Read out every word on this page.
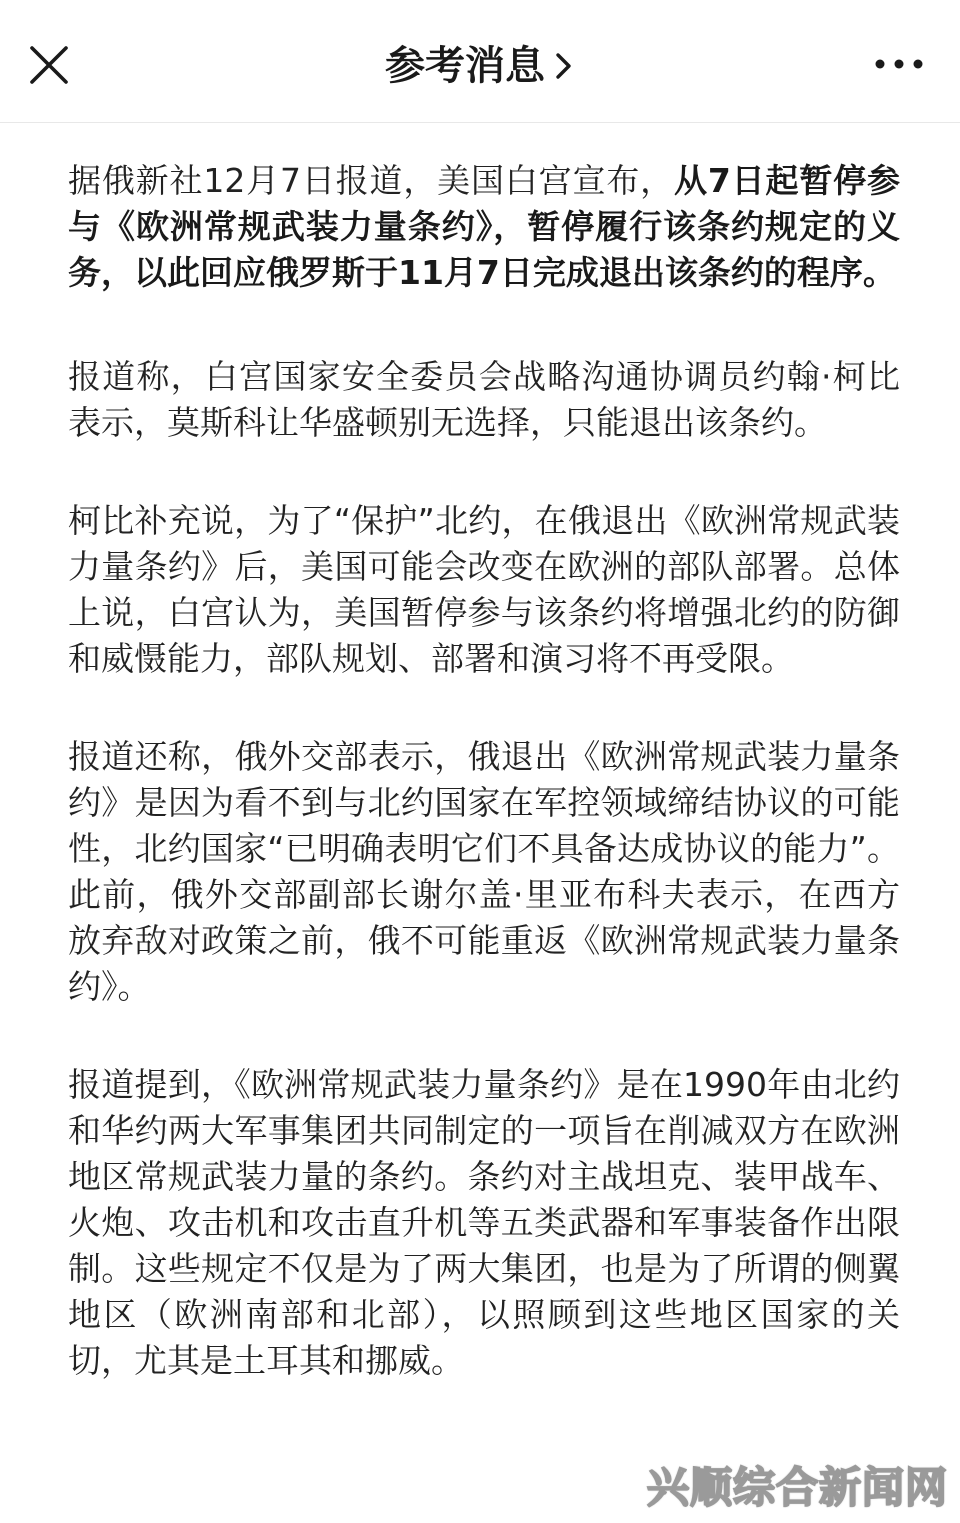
参考消息

据俄新社12月7日报道，美国白宫宣布，从7日起暂停参与《欧洲常规武装力量条约》，暂停履行该条约规定的义务，以此回应俄罗斯于11月7日完成退出该条约的程序。

报道称，白宫国家安全委员会战略沟通协调员约翰·柯比表示，莫斯科让华盛顿别无选择，只能退出该条约。

柯比补充说，为了“保护”北约，在俄退出《欧洲常规武装力量条约》后，美国可能会改变在欧洲的部队部署。总体上说，白宫认为，美国暂停参与该条约将增强北约的防御和威慑能力，部队规划、部署和演习将不再受限。

报道还称，俄外交部表示，俄退出《欧洲常规武装力量条约》是因为看不到与北约国家在军控领域缔结协议的可能性，北约国家“已明确表明它们不具备达成协议的能力”。此前，俄外交部副部长谢尔盖·里亚布科夫表示，在西方放弃敌对政策之前，俄不可能重返《欧洲常规武装力量条约》。

报道提到，《欧洲常规武装力量条约》是在1990年由北约和华约两大军事集团共同制定的一项旨在削减双方在欧洲地区常规武装力量的条约。条约对主战坦克、装甲战车、火炮、攻击机和攻击直升机等五类武器和军事装备作出限制。这些规定不仅是为了两大集团，也是为了所谓的侧翼地区（欧洲南部和北部），以照顾到这些地区国家的关切，尤其是土耳其和挪威。

兴顺综合新闻网
